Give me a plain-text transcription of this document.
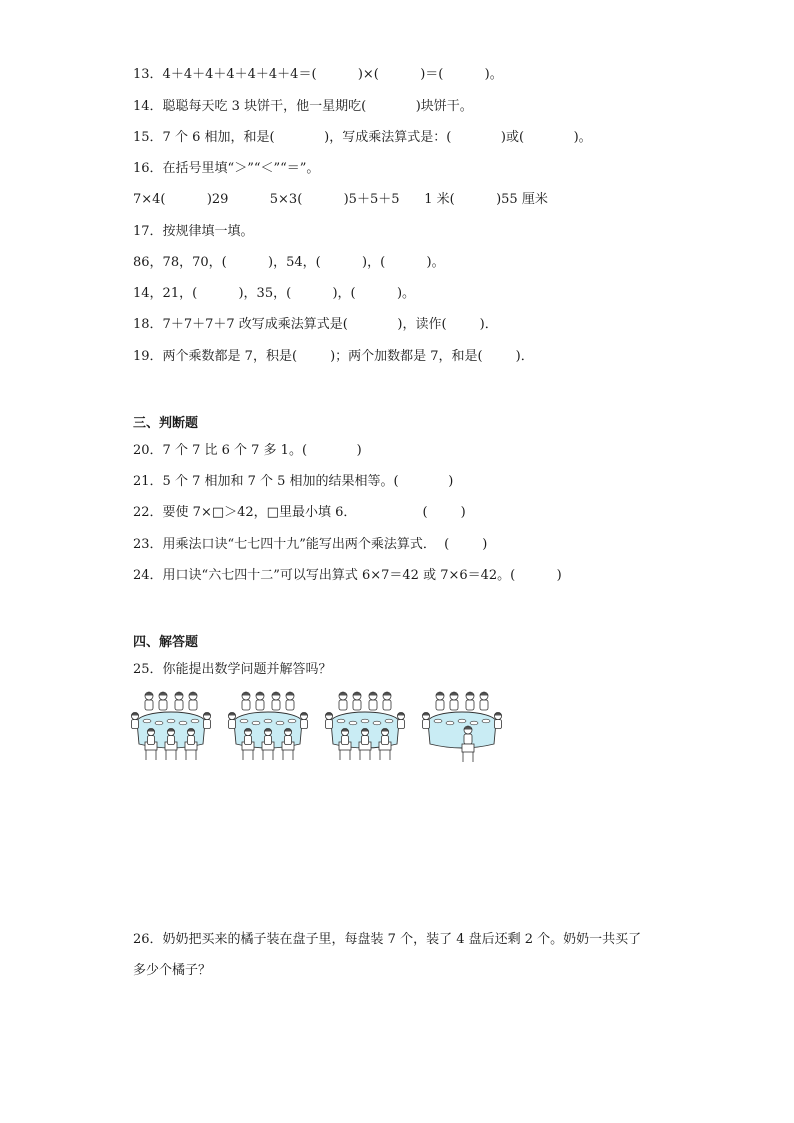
13．4＋4＋4＋4＋4＋4＋4＝(          )×(          )＝(          )。
14．聪聪每天吃 3 块饼干，他一星期吃(            )块饼干。
15．7 个 6 相加，和是(            )，写成乘法算式是：(            )或(            )。
16．在括号里填“＞”“＜”“＝”。
7×4(          )29          5×3(          )5＋5＋5      1 米(          )55 厘米
17．按规律填一填。
86，78，70，(          )，54，(          )，(          )。
14，21，(          )，35，(          )，(          )。
18．7＋7＋7＋7 改写成乘法算式是(            )，读作(        )．
19．两个乘数都是 7，积是(        )；两个加数都是 7，和是(        )．
三、判断题
20．7 个 7 比 6 个 7 多 1。(            )
21．5 个 7 相加和 7 个 5 相加的结果相等。(            )
22．要使 7×□＞42，□里最小填 6．                (        )
23．用乘法口诀“七七四十九”能写出两个乘法算式．  (        )
24．用口诀“六七四十二”可以写出算式 6×7＝42 或 7×6＝42。(          )
四、解答题
25．你能提出数学问题并解答吗？
26．奶奶把买来的橘子装在盘子里，每盘装 7 个，装了 4 盘后还剩 2 个。奶奶一共买了
多少个橘子？
